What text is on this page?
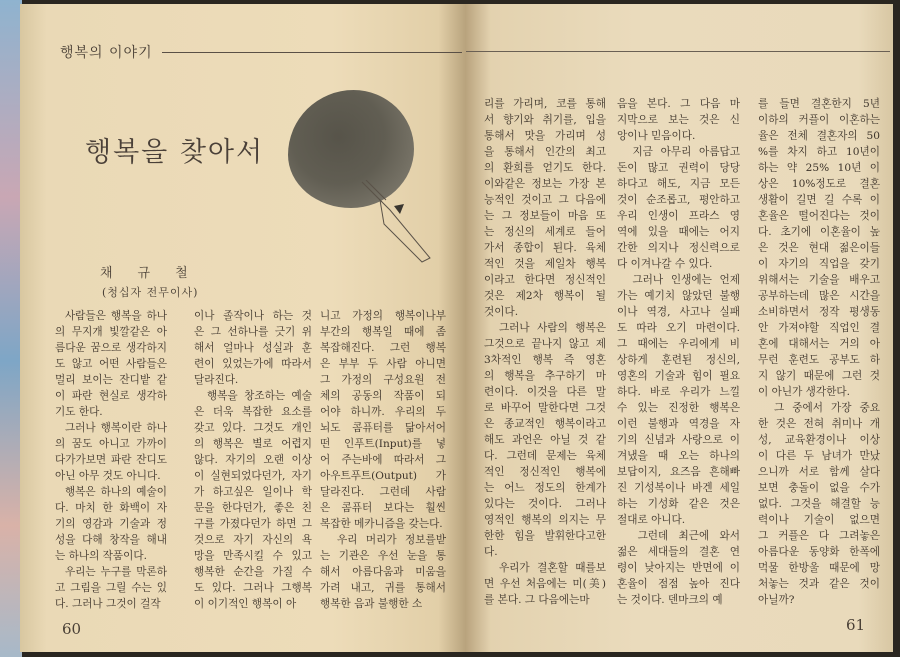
행복의 이야기
행복을 찾아서
채규철
(청십자 전무이사)
사람들은 행복을 하나
의 무지개 빛깔같은 아
름다운 꿈으로 생각하지
도 않고 어떤 사람들은
멀리 보이는 잔디밭 같
이 파란 현실로 생각하
기도 한다.
그러나 행복이란 하나
의 꿈도 아니고 가까이
다가가보면 파란 잔디도
아닌 아무 것도 아니다.
행복은 하나의 예술이
다. 마치 한 화백이 자
기의 영감과 기술과 정
성을 다해 창작을 해내
는 하나의 작품이다.
우리는 누구를 막론하
고 그림을 그릴 수는 있
다. 그러나 그것이 걸작
이나 졸작이나 하는 것
은 그 선하나를 긋기 위
해서 얼마나 성실과 훈
련이 있었는가에 따라서
달라진다.
행복을 창조하는 예술
은 더욱 복잡한 요소를
갖고 있다. 그것도 개인
의 행복은 별로 어렵지
않다. 자기의 오랜 이상
이 실현되었다던가, 자기
가 하고싶은 일이나 학
문을 한다던가, 좋은 친
구를 가졌다던가 하면 그
것으로 자기 자신의 욕
망을 만족시킬 수 있고
행복한 순간을 가질 수
도 있다. 그러나 그행복
이 이기적인 행복이 아
니고 가정의 행복이나부
부간의 행복일 때에 좀
복잡해진다. 그런 행복
은 부부 두 사람 아니면
그 가정의 구성요원 전
체의 공동의 작품이 되
어야 하니까. 우리의 두
뇌도 콤퓨터를 닮아서어
떤 인푸트(Input)를 넣
어 주는바에 따라서 그
아우트푸트(Output) 가
달라진다. 그런데 사람
은 콤퓨터 보다는 훨씬
복잡한 메카니즘을 갖는다.
우리 머리가 정보를받
는 기관은 우선 눈을 통
해서 아름다움과 미움을
가려 내고, 귀를 통해서
행복한 음과 불행한 소
리를 가리며, 코를 통해
서 향기와 취기를, 입을
통해서 맛을 가리며 성
을 통해서 인간의 최고
의 환희를 얻기도 한다.
이와같은 정보는 가장 본
능적인 것이고 그 다음에
는 그 정보들이 마음 또
는 정신의 세계로 들어
가서 종합이 된다. 육체
적인 것을 제일차 행복
이라고 한다면 정신적인
것은 제2차 행복이 될
것이다.
그러나 사람의 행복은
그것으로 끝나지 않고 제
3차적인 행복 즉 영혼
의 행복을 추구하기 마
련이다. 이것을 다른 말
로 바꾸어 말한다면 그것
은 종교적인 행복이라고
해도 과언은 아닐 것 같
다. 그런데 문제는 육체
적인 정신적인 행복에
는 어느 정도의 한계가
있다는 것이다. 그러나
영적인 행복의 의지는 무
한한 힘을 발휘한다고한
다.
우리가 결혼할 때를보
면 우선 처음에는 미(美)
를 본다. 그 다음에는마
음을 본다. 그 다음 마
지막으로 보는 것은 신
앙이나 믿음이다.
지금 아무리 아름답고
돈이 많고 권력이 당당
하다고 해도, 지금 모든
것이 순조롭고, 평안하고
우리 인생이 프라스 영
역에 있을 때에는 어지
간한 의지나 정신력으로
다 이겨나갈 수 있다.
그러나 인생에는 언제
가는 예기치 않았던 불행
이나 역경, 사고나 실패
도 따라 오기 마련이다.
그 때에는 우리에게 비
상하게 훈련된 정신의,
영혼의 기술과 힘이 필요
하다. 바로 우리가 느낄
수 있는 진정한 행복은
이런 불행과 역경을 자
기의 신념과 사랑으로 이
겨냈을 때 오는 하나의
보답이지, 요즈음 흔해빠
진 기성복이나 바겐 세일
하는 기성화 같은 것은
절대로 아니다.
그런데 최근에 와서
젊은 세대들의 결혼 연
령이 낮아지는 반면에 이
혼율이 점점 높아 진다
는 것이다. 덴마크의 예
를 들면 결혼한지 5년
이하의 커플이 이혼하는
율은 전체 결혼자의 50
%를 차지 하고 10년이
하는 약 25% 10년 이
상은 10%정도로 결혼
생활이 길면 길 수록 이
혼율은 떨어진다는 것이
다. 초기에 이혼율이 높
은 것은 현대 젊은이들
이 자기의 직업을 갖기
위해서는 기술을 배우고
공부하는데 많은 시간을
소비하면서 정작 평생동
안 가져야할 직업인 결
혼에 대해서는 거의 아
무런 훈련도 공부도 하
지 않기 때문에 그런 것
이 아닌가 생각한다.
그 중에서 가장 중요
한 것은 전혀 취미나 개
성, 교육환경이나 이상
이 다른 두 남녀가 만났
으니까 서로 함께 살다
보면 충돌이 없을 수가
없다. 그것을 해결할 능
력이나 기술이 없으면
그 커플은 다 그려놓은
아름다운 동양화 한폭에
먹물 한방울 때문에 망
처놓는 것과 같은 것이
아닐까?
60	61
